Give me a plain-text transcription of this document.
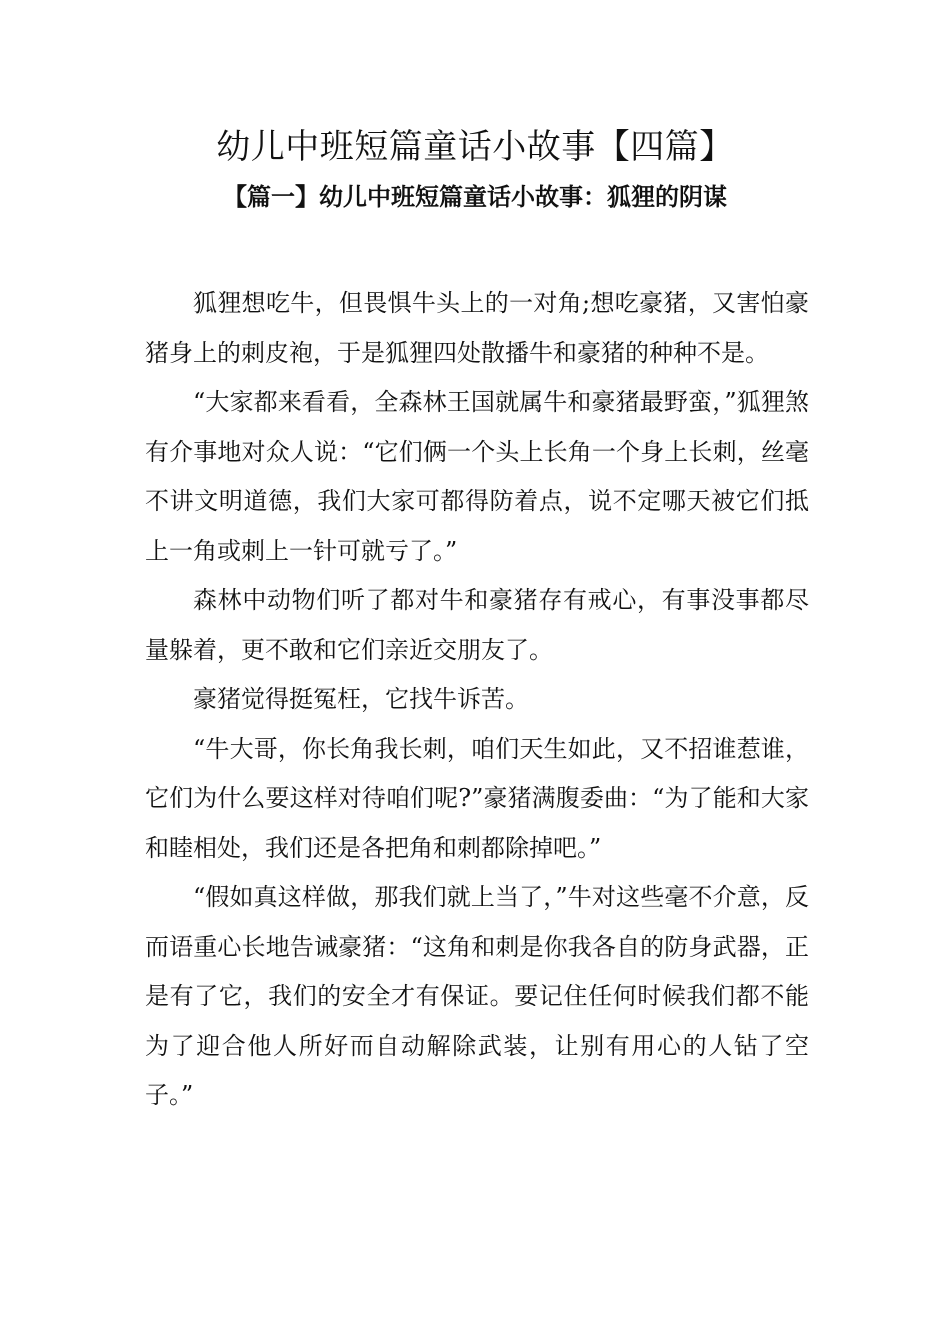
幼儿中班短篇童话小故事【四篇】
【篇一】幼儿中班短篇童话小故事：狐狸的阴谋

狐狸想吃牛，但畏惧牛头上的一对角;想吃豪猪，又害怕豪猪身上的刺皮袍，于是狐狸四处散播牛和豪猪的种种不是。

“大家都来看看，全森林王国就属牛和豪猪最野蛮，”狐狸煞有介事地对众人说：“它们俩一个头上长角一个身上长刺，丝毫不讲文明道德，我们大家可都得防着点，说不定哪天被它们抵上一角或刺上一针可就亏了。”

森林中动物们听了都对牛和豪猪存有戒心，有事没事都尽量躲着，更不敢和它们亲近交朋友了。

豪猪觉得挺冤枉，它找牛诉苦。

“牛大哥，你长角我长刺，咱们天生如此，又不招谁惹谁，它们为什么要这样对待咱们呢?”豪猪满腹委曲：“为了能和大家和睦相处，我们还是各把角和刺都除掉吧。”

“假如真这样做，那我们就上当了，”牛对这些毫不介意，反而语重心长地告诫豪猪：“这角和刺是你我各自的防身武器，正是有了它，我们的安全才有保证。要记住任何时候我们都不能为了迎合他人所好而自动解除武装，让别有用心的人钻了空子。”
